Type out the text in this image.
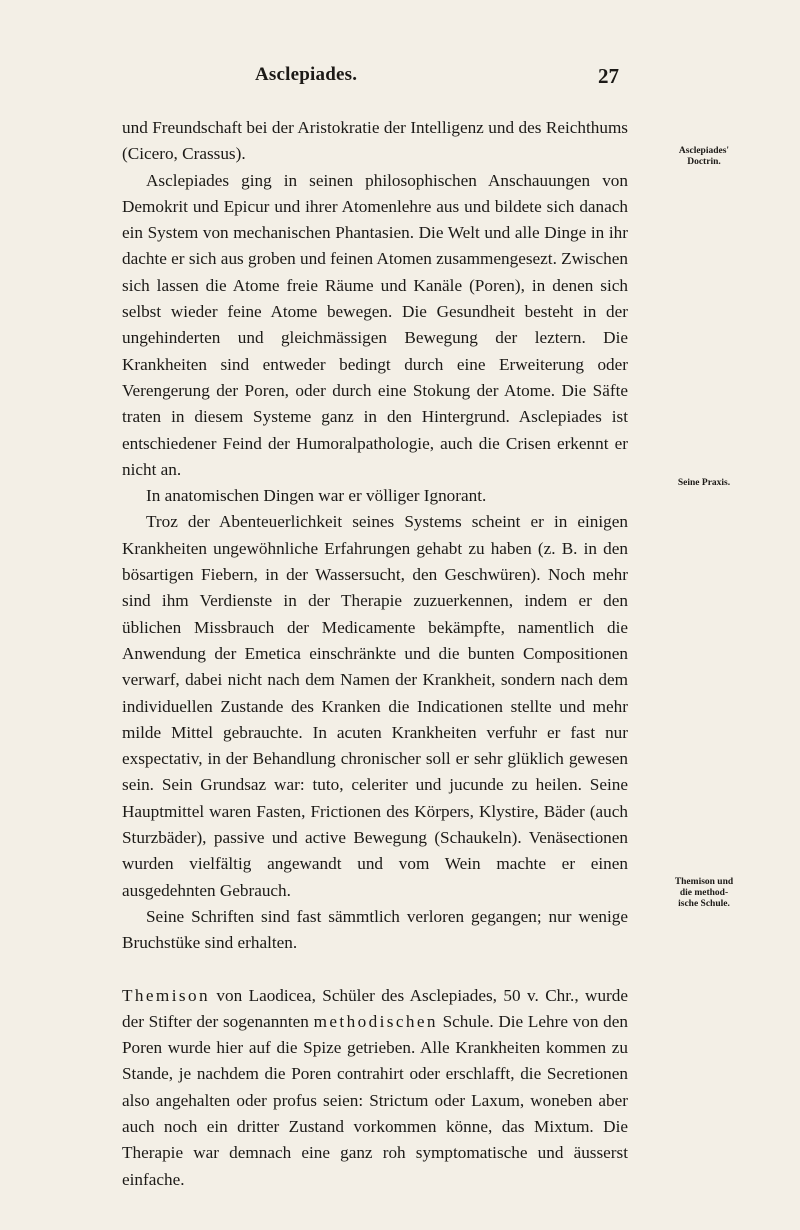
Asclepiades.	27

und Freundschaft bei der Aristokratie der Intelligenz und des Reichthums (Cicero, Crassus).

Asclepiades ging in seinen philosophischen Anschauungen von Demokrit und Epicur und ihrer Atomenlehre aus und bildete sich danach ein System von mechanischen Phantasien. Die Welt und alle Dinge in ihr dachte er sich aus groben und feinen Atomen zusammengesezt. Zwischen sich lassen die Atome freie Räume und Kanäle (Poren), in denen sich selbst wieder feine Atome bewegen. Die Gesundheit besteht in der ungehinderten und gleichmässigen Bewegung der leztern. Die Krankheiten sind entweder bedingt durch eine Erweiterung oder Verengerung der Poren, oder durch eine Stokung der Atome. Die Säfte traten in diesem Systeme ganz in den Hintergrund. Asclepiades ist entschiedener Feind der Humoralpathologie, auch die Crisen erkennt er nicht an.

In anatomischen Dingen war er völliger Ignorant.

Troz der Abenteuerlichkeit seines Systems scheint er in einigen Krankheiten ungewöhnliche Erfahrungen gehabt zu haben (z. B. in den bösartigen Fiebern, in der Wassersucht, den Geschwüren). Noch mehr sind ihm Verdienste in der Therapie zuzuerkennen, indem er den üblichen Missbrauch der Medicamente bekämpfte, namentlich die Anwendung der Emetica einschränkte und die bunten Compositionen verwarf, dabei nicht nach dem Namen der Krankheit, sondern nach dem individuellen Zustande des Kranken die Indicationen stellte und mehr milde Mittel gebrauchte. In acuten Krankheiten verfuhr er fast nur exspectativ, in der Behandlung chronischer soll er sehr glüklich gewesen sein. Sein Grundsaz war: tuto, celeriter und jucunde zu heilen. Seine Hauptmittel waren Fasten, Frictionen des Körpers, Klystire, Bäder (auch Sturzbäder), passive und active Bewegung (Schaukeln). Venäsectionen wurden vielfältig angewandt und vom Wein machte er einen ausgedehnten Gebrauch.

Seine Schriften sind fast sämmtlich verloren gegangen; nur wenige Bruchstüke sind erhalten.

Themison von Laodicea, Schüler des Asclepiades, 50 v. Chr., wurde der Stifter der sogenannten methodischen Schule. Die Lehre von den Poren wurde hier auf die Spize getrieben. Alle Krankheiten kommen zu Stande, je nachdem die Poren contrahirt oder erschlafft, die Secretionen also angehalten oder profus seien: Strictum oder Laxum, woneben aber auch noch ein dritter Zustand vorkommen könne, das Mixtum. Die Therapie war demnach eine ganz roh symptomatische und äusserst einfache.

Asclepiades'
Doctrin.
Seine Praxis.
Themison und
die method-
ische Schule.
